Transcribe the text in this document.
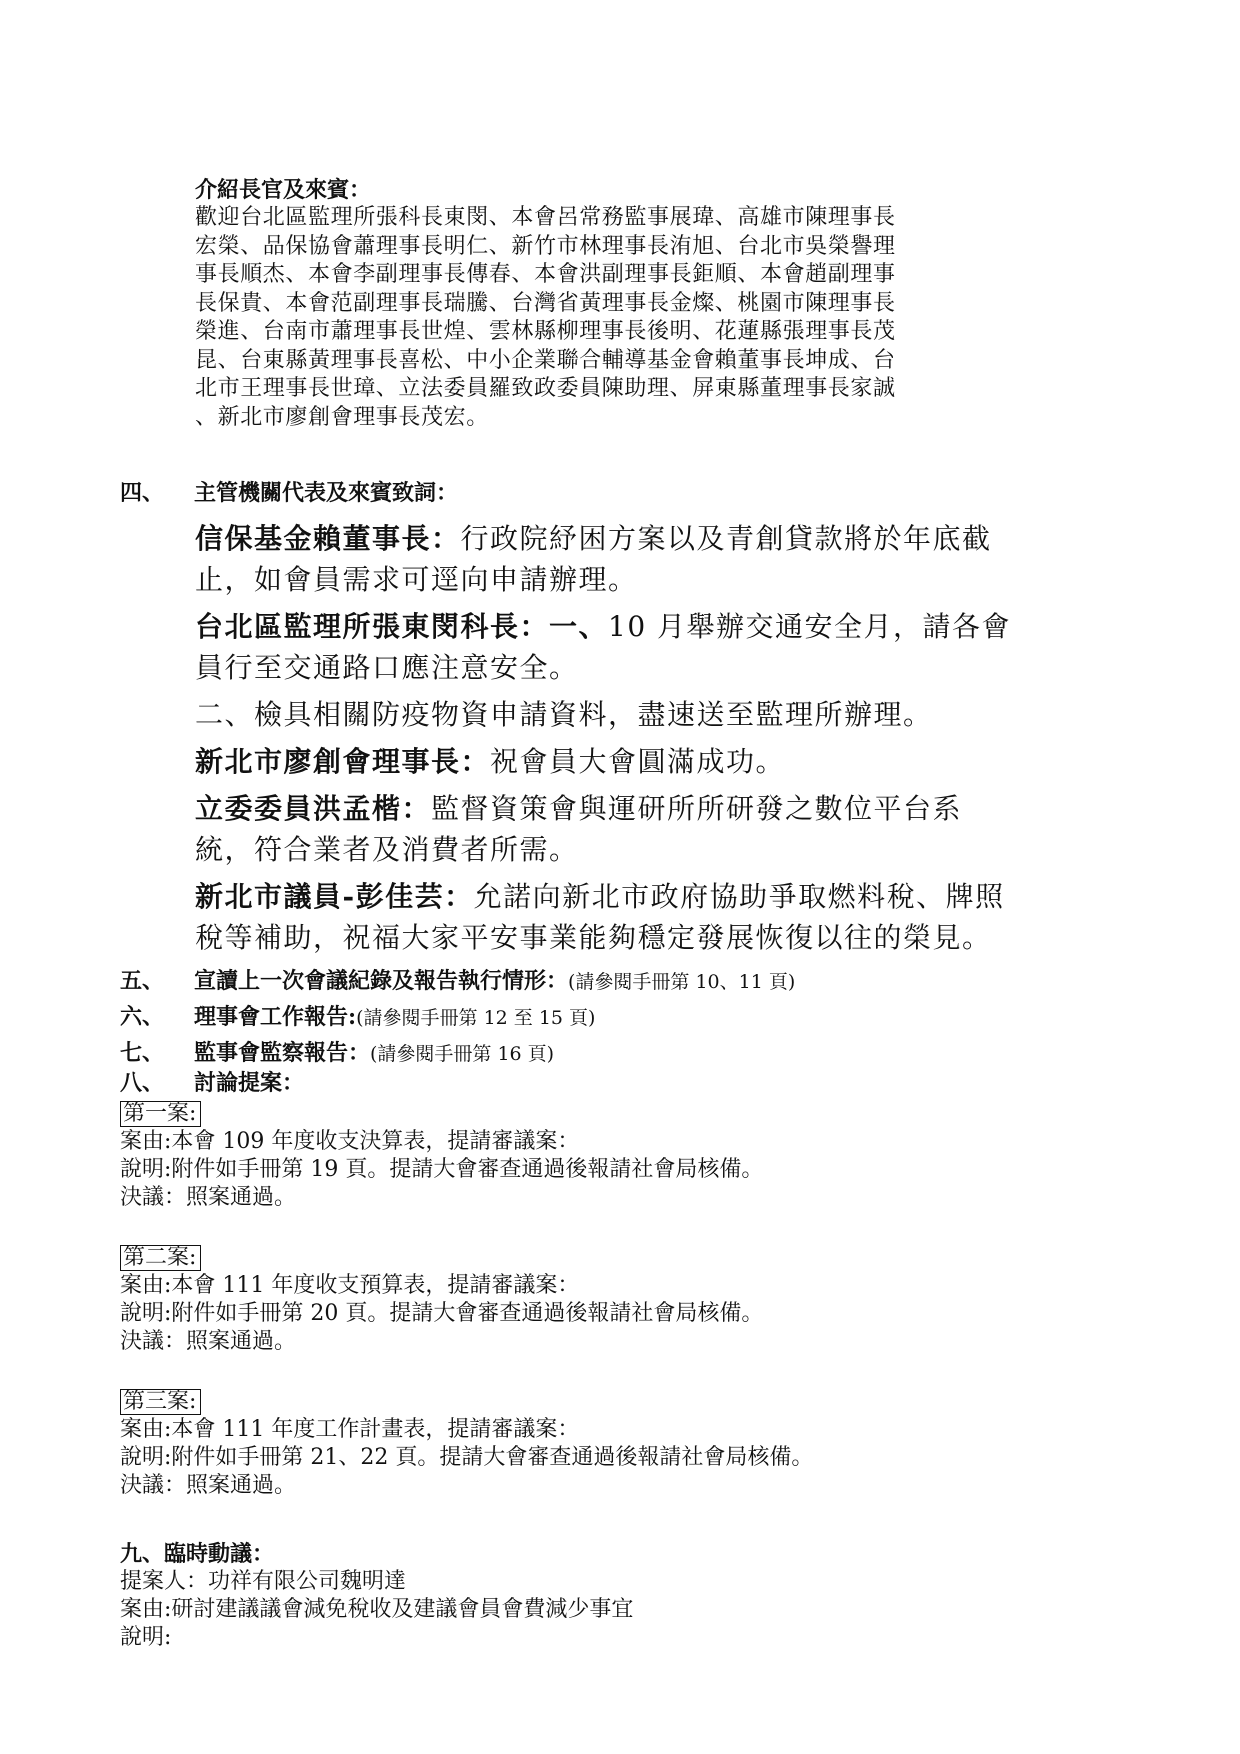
介紹長官及來賓：
歡迎台北區監理所張科長東閔、本會呂常務監事展瑋、高雄市陳理事長
宏榮、品保協會蕭理事長明仁、新竹市林理事長洧旭、台北市吳榮譽理
事長順杰、本會李副理事長傳春、本會洪副理事長鉅順、本會趙副理事
長保貴、本會范副理事長瑞騰、台灣省黃理事長金燦、桃園市陳理事長
榮進、台南市蕭理事長世煌、雲林縣柳理事長後明、花蓮縣張理事長茂
昆、台東縣黃理事長喜松、中小企業聯合輔導基金會賴董事長坤成、台
北市王理事長世璋、立法委員羅致政委員陳助理、屏東縣董理事長家誠
、新北市廖創會理事長茂宏。
四、 主管機關代表及來賓致詞：

信保基金賴董事長：行政院紓困方案以及青創貸款將於年底截
止，如會員需求可逕向申請辦理。

台北區監理所張東閔科長：一、10 月舉辦交通安全月，請各會
員行至交通路口應注意安全。

二、檢具相關防疫物資申請資料，盡速送至監理所辦理。

新北市廖創會理事長：祝會員大會圓滿成功。

立委委員洪孟楷：監督資策會與運研所所研發之數位平台系
統，符合業者及消費者所需。

新北市議員-彭佳芸：允諾向新北市政府協助爭取燃料稅、牌照
稅等補助，祝福大家平安事業能夠穩定發展恢復以往的榮見。

五、 宣讀上一次會議紀錄及報告執行情形：(請參閱手冊第 10、11 頁)
六、 理事會工作報告:(請參閱手冊第 12 至 15 頁)
七、 監事會監察報告：(請參閱手冊第 16 頁)
八、 討論提案：
第一案:
案由:本會 109 年度收支決算表，提請審議案：
說明:附件如手冊第 19 頁。提請大會審查通過後報請社會局核備。
決議：照案通過。
第二案:
案由:本會 111 年度收支預算表，提請審議案：
說明:附件如手冊第 20 頁。提請大會審查通過後報請社會局核備。
決議：照案通過。
第三案:
案由:本會 111 年度工作計畫表，提請審議案：
說明:附件如手冊第 21、22 頁。提請大會審查通過後報請社會局核備。
決議：照案通過。
九、臨時動議：
提案人：功祥有限公司魏明達
案由:研討建議議會減免稅收及建議會員會費減少事宜
說明:
